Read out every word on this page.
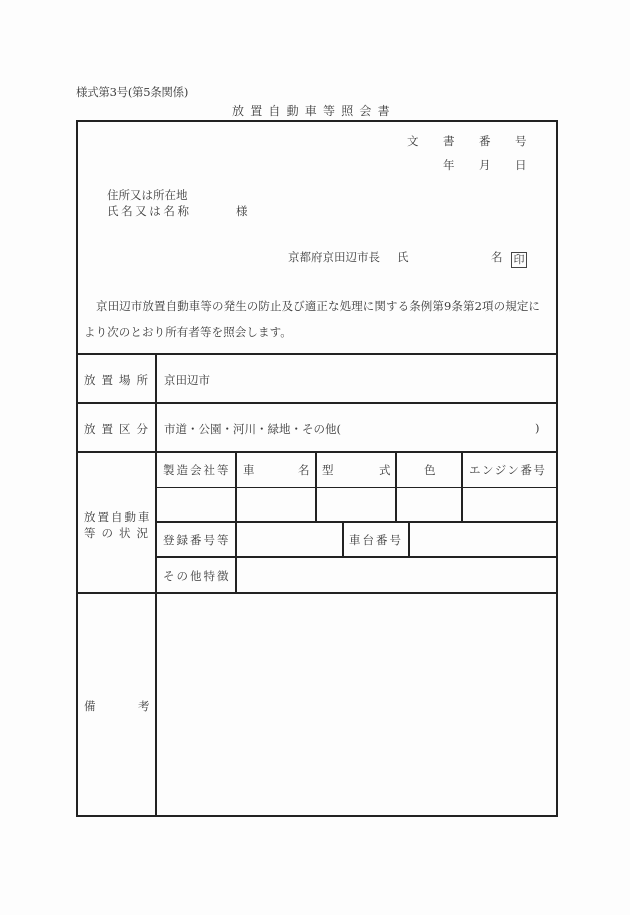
様式第3号(第5条関係)
放置自動車等照会書
文 書 番 号
年 月 日
住所又は所在地
氏名又は名称	様
京都府京田辺市長 氏	名 印
京田辺市放置自動車等の発生の防止及び適正な処理に関する条例第9条第2項の規定に
より次のとおり所有者等を照会します。
放置場所 京田辺市
放置区分 市道・公園・河川・緑地・その他(	)
放置自動車
等の状況
製造会社等 車	名 型	式	色	エンジン番号
登録番号等	車台番号
その他特徴
備	考
